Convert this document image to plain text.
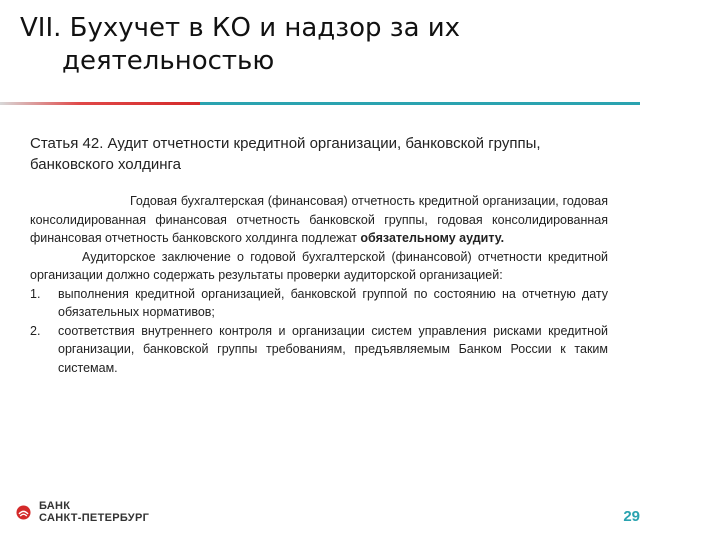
VII. Бухучет в КО и надзор за их
деятельностью
Статья 42. Аудит отчетности кредитной организации, банковской группы, банковского холдинга

Годовая бухгалтерская (финансовая) отчетность кредитной организации, годовая консолидированная финансовая отчетность банковской группы, годовая консолидированная финансовая отчетность банковского холдинга подлежат обязательному аудиту.

Аудиторское заключение о годовой бухгалтерской (финансовой) отчетности кредитной организации должно содержать результаты проверки аудиторской организацией:

1.	выполнения кредитной организацией, банковской группой по состоянию на отчетную дату обязательных нормативов;
2.	соответствия внутреннего контроля и организации систем управления рисками кредитной организации, банковской группы требованиям, предъявляемым Банком России к таким системам.
БАНК
САНКТ-ПЕТЕРБУРГ	29
